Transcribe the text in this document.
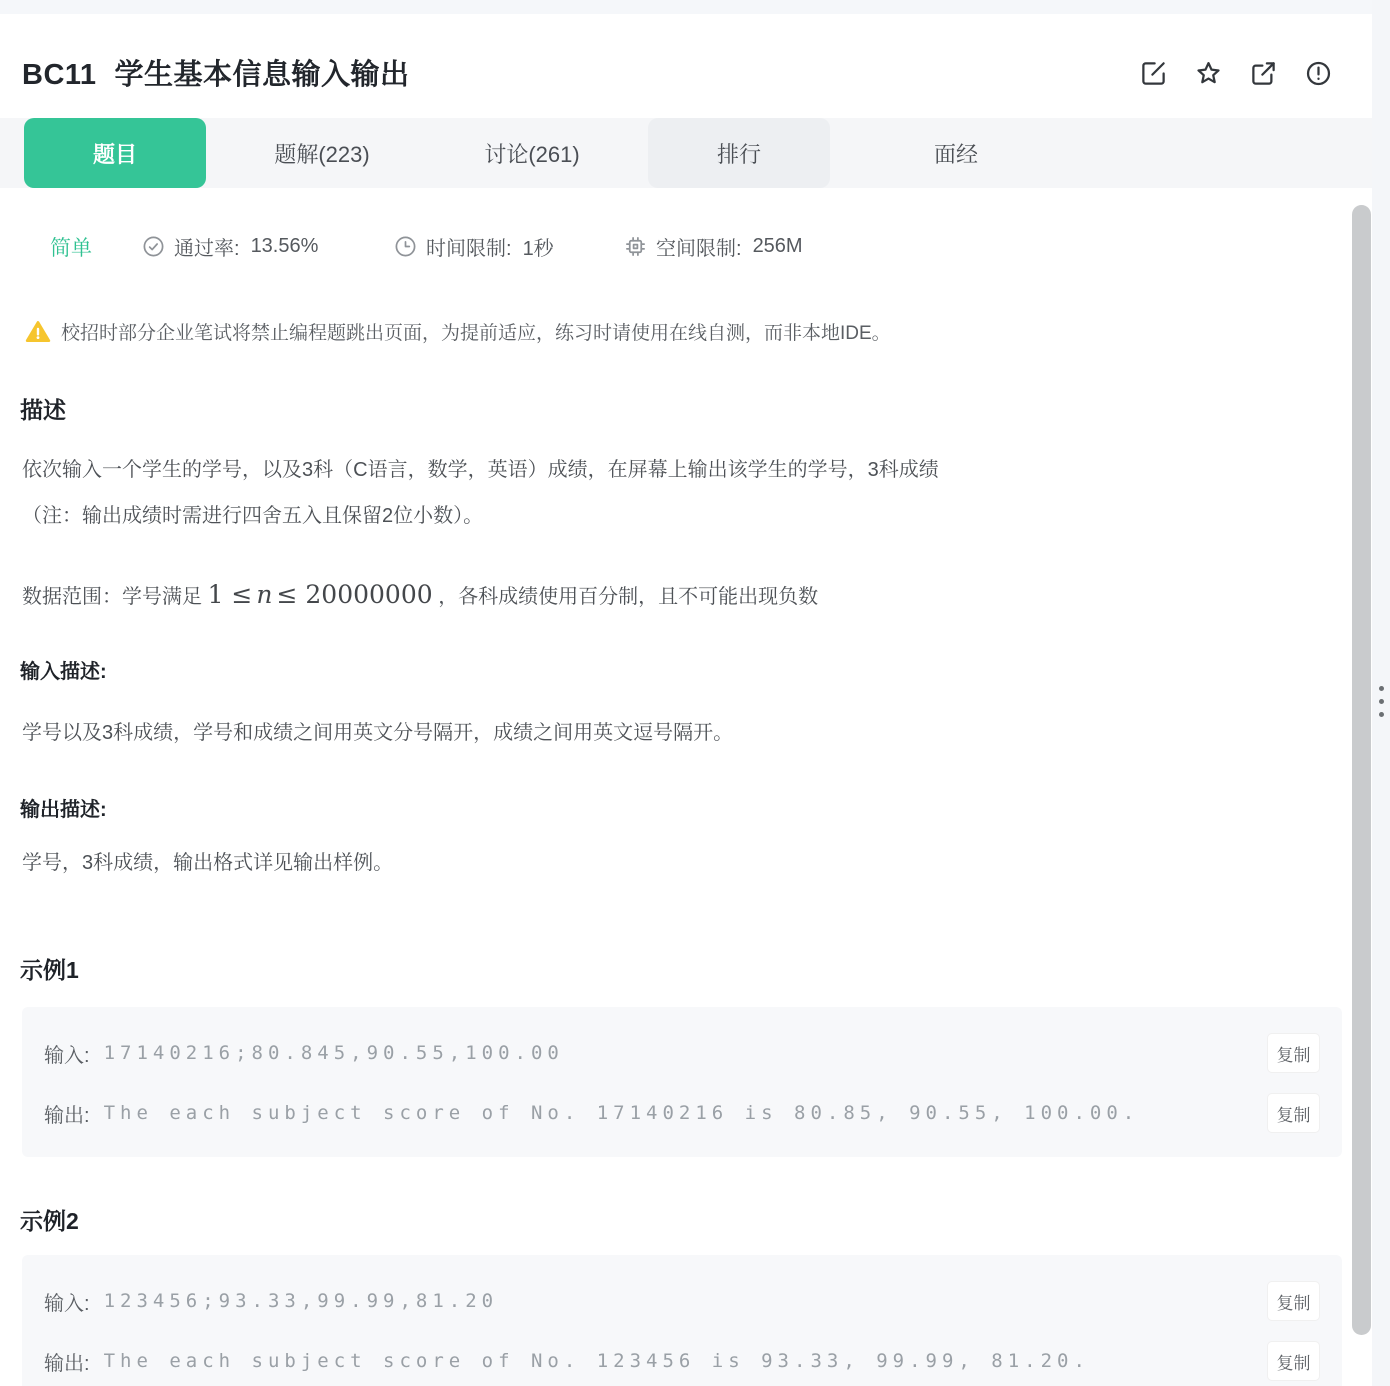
BC11 学生基本信息输入输出
题目	题解(223)	讨论(261)	排行	面经
简单	通过率: 13.56%	时间限制: 1秒	空间限制: 256M
校招时部分企业笔试将禁止编程题跳出页面，为提前适应，练习时请使用在线自测，而非本地IDE。
描述
依次输入一个学生的学号，以及3科（C语言，数学，英语）成绩，在屏幕上输出该学生的学号，3科成绩
（注：输出成绩时需进行四舍五入且保留2位小数）。
数据范围：学号满足 1 ≤ n ≤ 20000000 ，各科成绩使用百分制，且不可能出现负数
输入描述:
学号以及3科成绩，学号和成绩之间用英文分号隔开，成绩之间用英文逗号隔开。
输出描述:
学号，3科成绩，输出格式详见输出样例。
示例1
输入: 17140216;80.845,90.55,100.00	复制
输出: The each subject score of No. 17140216 is 80.85, 90.55, 100.00.	复制
示例2
输入: 123456;93.33,99.99,81.20	复制
输出: The each subject score of No. 123456 is 93.33, 99.99, 81.20.	复制
